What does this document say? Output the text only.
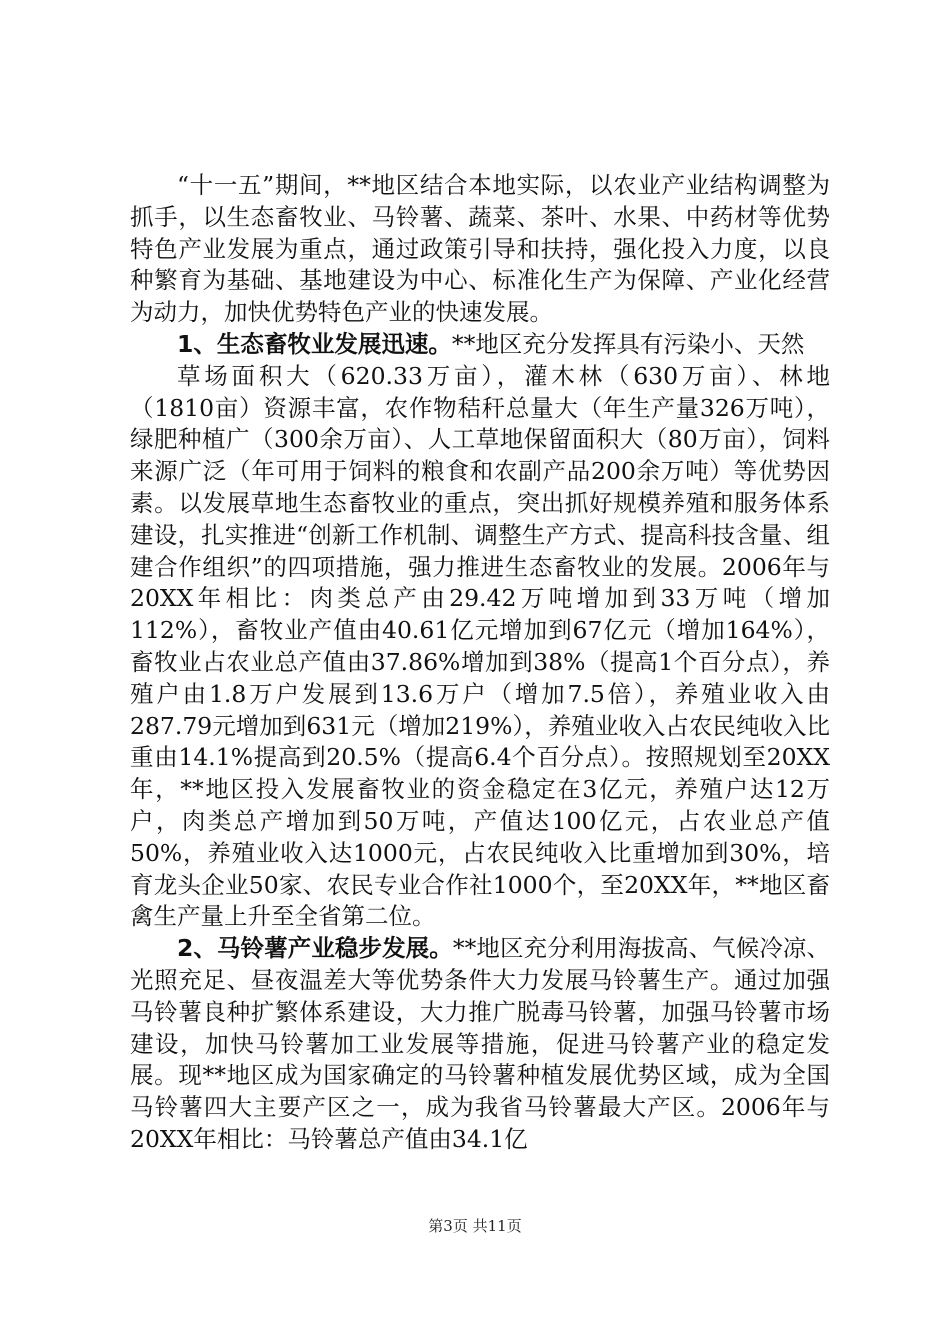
“十一五”期间，**地区结合本地实际，以农业产业结构调整为抓手，以生态畜牧业、马铃薯、蔬菜、茶叶、水果、中药材等优势特色产业发展为重点，通过政策引导和扶持，强化投入力度，以良种繁育为基础、基地建设为中心、标准化生产为保障、产业化经营为动力，加快优势特色产业的快速发展。

1、生态畜牧业发展迅速。**地区充分发挥具有污染小、天然

草场面积大（620.33万亩），灌木林（630万亩）、林地（1810亩）资源丰富，农作物秸秆总量大（年生产量326万吨），绿肥种植广（300余万亩）、人工草地保留面积大（80万亩），饲料来源广泛（年可用于饲料的粮食和农副产品200余万吨）等优势因素。以发展草地生态畜牧业的重点，突出抓好规模养殖和服务体系建设，扎实推进“创新工作机制、调整生产方式、提高科技含量、组建合作组织”的四项措施，强力推进生态畜牧业的发展。2006年与20XX年相比：肉类总产由29.42万吨增加到33万吨（增加112%），畜牧业产值由40.61亿元增加到67亿元（增加164%），畜牧业占农业总产值由37.86%增加到38%（提高1个百分点），养殖户由1.8万户发展到13.6万户（增加7.5倍），养殖业收入由287.79元增加到631元（增加219%），养殖业收入占农民纯收入比重由14.1%提高到20.5%（提高6.4个百分点）。按照规划至20XX年，**地区投入发展畜牧业的资金稳定在3亿元，养殖户达12万户，肉类总产增加到50万吨，产值达100亿元，占农业总产值50%，养殖业收入达1000元，占农民纯收入比重增加到30%，培育龙头企业50家、农民专业合作社1000个，至20XX年，**地区畜禽生产量上升至全省第二位。

2、马铃薯产业稳步发展。**地区充分利用海拔高、气候冷凉、光照充足、昼夜温差大等优势条件大力发展马铃薯生产。通过加强马铃薯良种扩繁体系建设，大力推广脱毒马铃薯，加强马铃薯市场建设，加快马铃薯加工业发展等措施，促进马铃薯产业的稳定发展。现**地区成为国家确定的马铃薯种植发展优势区域，成为全国马铃薯四大主要产区之一，成为我省马铃薯最大产区。2006年与20XX年相比：马铃薯总产值由34.1亿

第3页 共11页
